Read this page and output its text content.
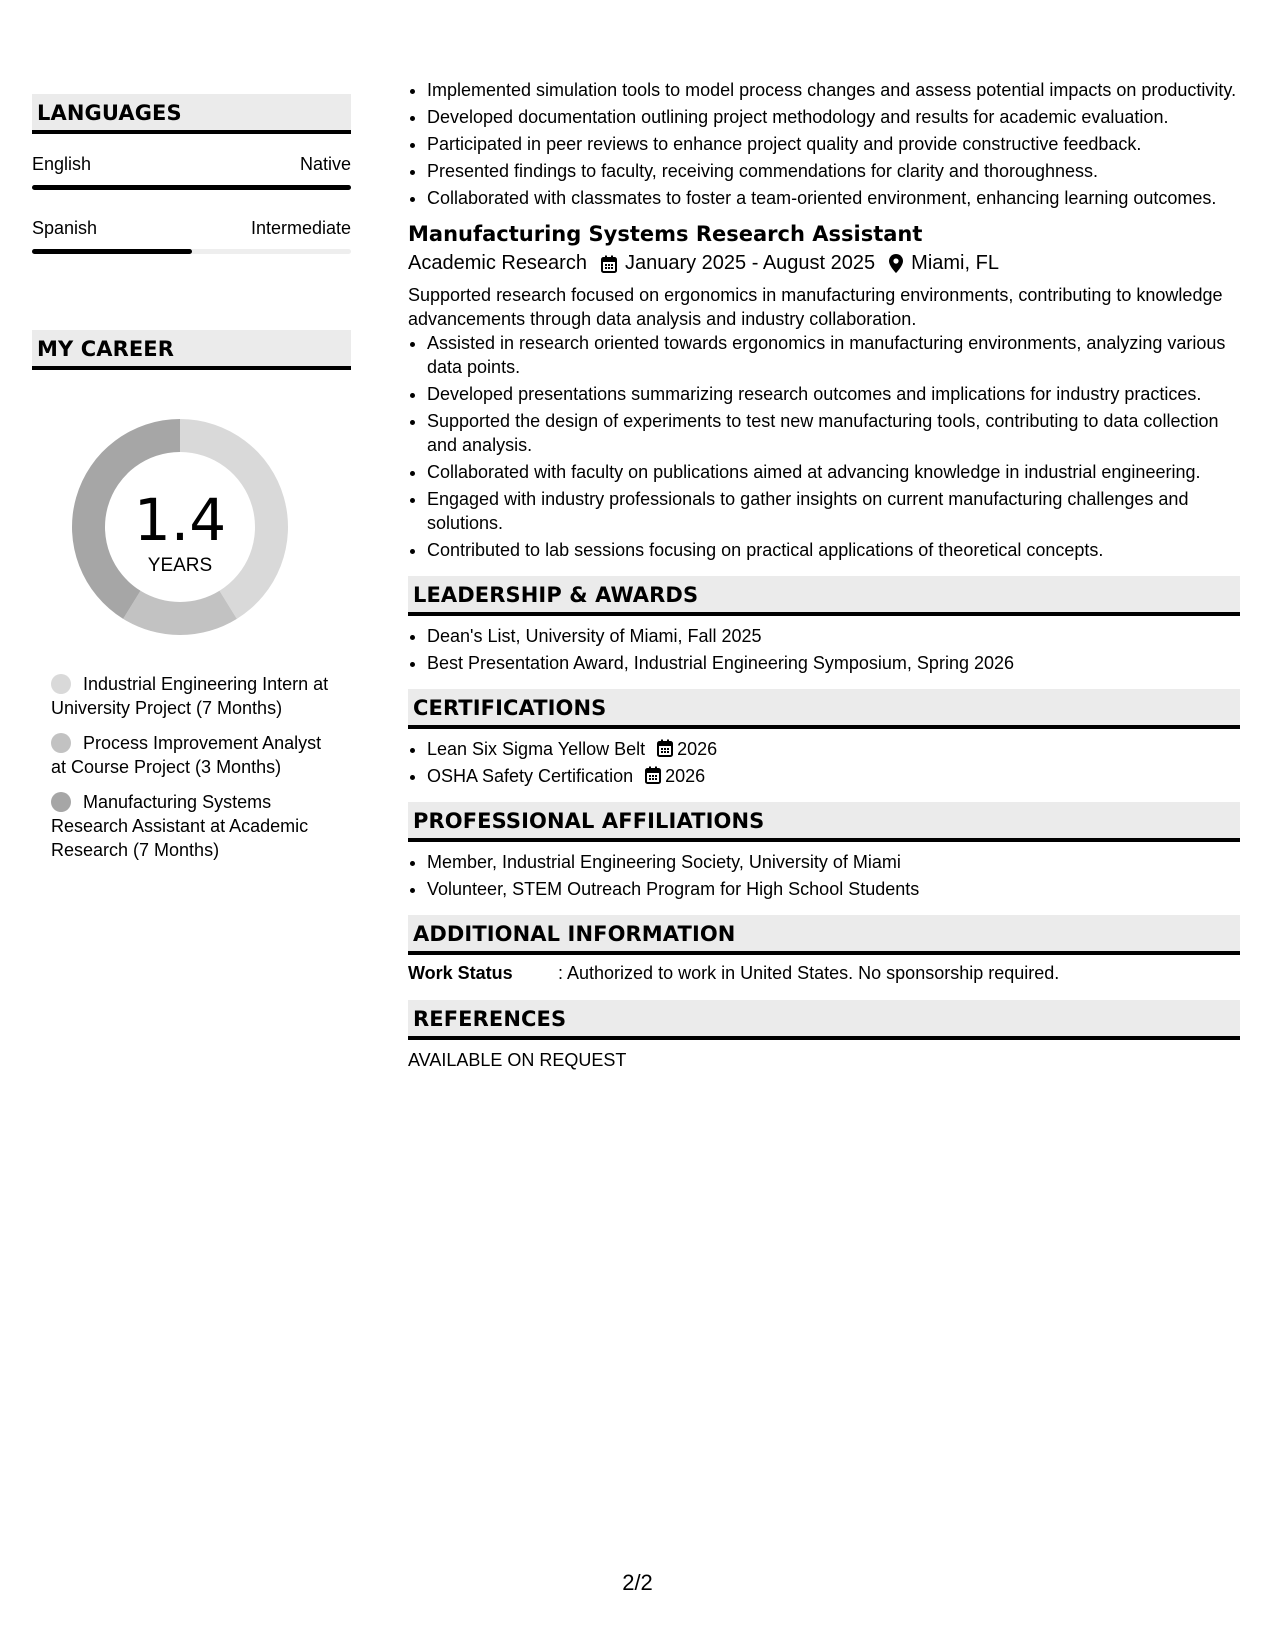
LANGUAGES
English	Native
Spanish	Intermediate
MY CAREER
1.4
YEARS
Industrial Engineering Intern at University Project (7 Months)
Process Improvement Analyst at Course Project (3 Months)
Manufacturing Systems Research Assistant at Academic Research (7 Months)
• Implemented simulation tools to model process changes and assess potential impacts on productivity.
• Developed documentation outlining project methodology and results for academic evaluation.
• Participated in peer reviews to enhance project quality and provide constructive feedback.
• Presented findings to faculty, receiving commendations for clarity and thoroughness.
• Collaborated with classmates to foster a team-oriented environment, enhancing learning outcomes.
Manufacturing Systems Research Assistant
Academic Research January 2025 - August 2025 Miami, FL
Supported research focused on ergonomics in manufacturing environments, contributing to knowledge advancements through data analysis and industry collaboration.
• Assisted in research oriented towards ergonomics in manufacturing environments, analyzing various data points.
• Developed presentations summarizing research outcomes and implications for industry practices.
• Supported the design of experiments to test new manufacturing tools, contributing to data collection and analysis.
• Collaborated with faculty on publications aimed at advancing knowledge in industrial engineering.
• Engaged with industry professionals to gather insights on current manufacturing challenges and solutions.
• Contributed to lab sessions focusing on practical applications of theoretical concepts.
LEADERSHIP & AWARDS
• Dean's List, University of Miami, Fall 2025
• Best Presentation Award, Industrial Engineering Symposium, Spring 2026
CERTIFICATIONS
• Lean Six Sigma Yellow Belt 2026
• OSHA Safety Certification 2026
PROFESSIONAL AFFILIATIONS
• Member, Industrial Engineering Society, University of Miami
• Volunteer, STEM Outreach Program for High School Students
ADDITIONAL INFORMATION
Work Status	: Authorized to work in United States. No sponsorship required.
REFERENCES
AVAILABLE ON REQUEST
2/2
